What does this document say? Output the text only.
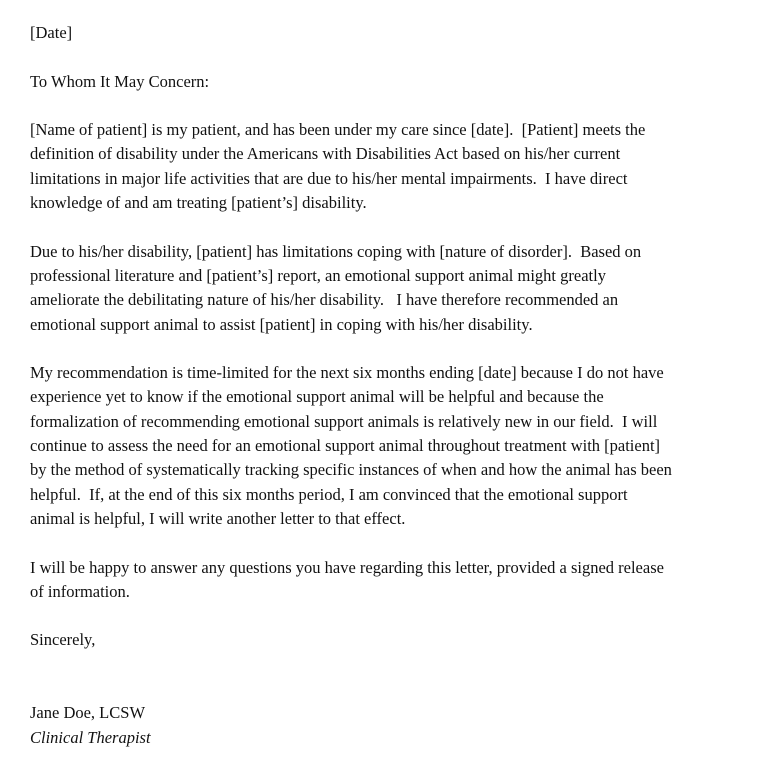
[Date]
To Whom It May Concern:
[Name of patient] is my patient, and has been under my care since [date].  [Patient] meets the
definition of disability under the Americans with Disabilities Act based on his/her current
limitations in major life activities that are due to his/her mental impairments.  I have direct
knowledge of and am treating [patient’s] disability.
Due to his/her disability, [patient] has limitations coping with [nature of disorder].  Based on
professional literature and [patient’s] report, an emotional support animal might greatly
ameliorate the debilitating nature of his/her disability.   I have therefore recommended an
emotional support animal to assist [patient] in coping with his/her disability.
My recommendation is time-limited for the next six months ending [date] because I do not have
experience yet to know if the emotional support animal will be helpful and because the
formalization of recommending emotional support animals is relatively new in our field.  I will
continue to assess the need for an emotional support animal throughout treatment with [patient]
by the method of systematically tracking specific instances of when and how the animal has been
helpful.  If, at the end of this six months period, I am convinced that the emotional support
animal is helpful, I will write another letter to that effect.
I will be happy to answer any questions you have regarding this letter, provided a signed release
of information.
Sincerely,
Jane Doe, LCSW
Clinical Therapist
